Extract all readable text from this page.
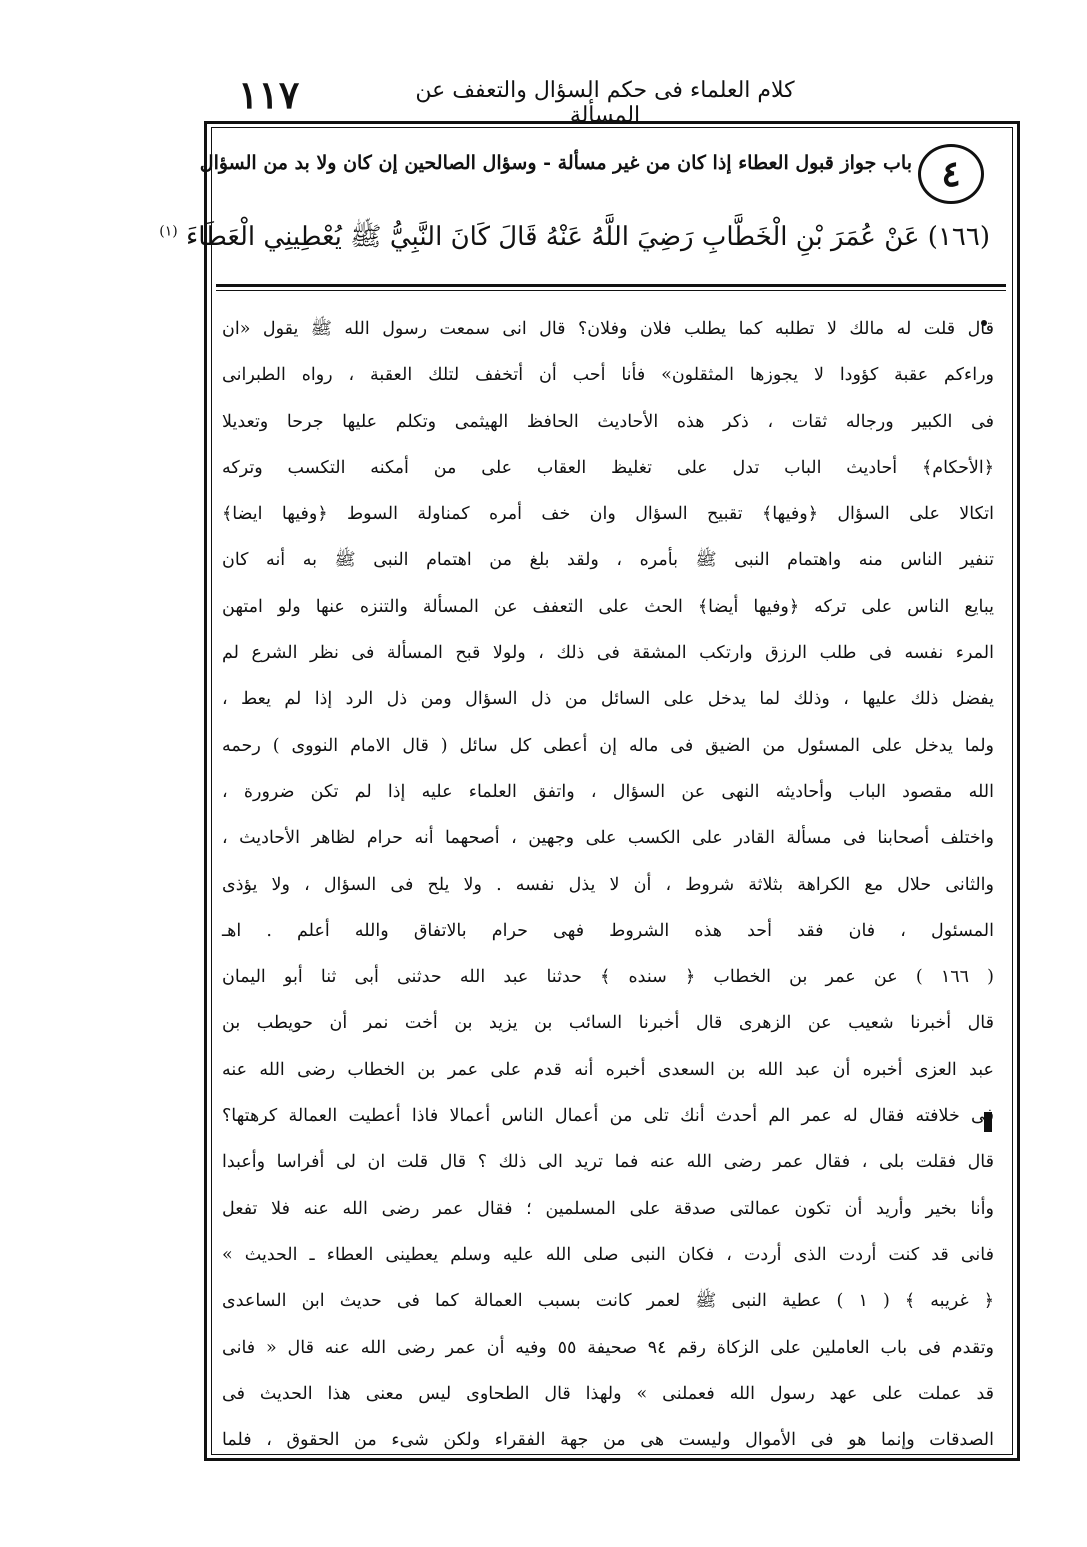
١١٧	كلام العلماء فى حكم السؤال والتعفف عن المسألة
٤
باب جواز قبول العطاء إذا كان من غير مسألة - وسؤال الصالحين إن كان ولا بد من السؤال
(١٦٦) عَنْ عُمَرَ بْنِ الْخَطَّابِ رَضِيَ اللَّهُ عَنْهُ قَالَ كَانَ النَّبِيُّ ﷺ يُعْطِينِي الْعَطَاءَ $^{(١)}$
قال قلت له مالك لا تطلبه كما يطلب فلان وفلان؟ قال انى سمعت رسول الله ﷺ يقول «ان
وراءكم عقبة كؤودا لا يجوزها المثقلون» فأنا أحب أن أتخفف لتلك العقبة ، رواه الطبرانى
فى الكبير ورجاله ثقات ، ذكر هذه الأحاديث الحافظ الهيثمى وتكلم عليها جرحا وتعديلا
﴿الأحكام﴾ أحاديث الباب تدل على تغليظ العقاب على من أمكنه التكسب وتركه
اتكالا على السؤال ﴿وفيها﴾ تقبيح السؤال وان خف أمره كمناولة السوط ﴿وفيها ايضا﴾
تنفير الناس منه واهتمام النبى ﷺ بأمره ، ولقد بلغ من اهتمام النبى ﷺ به أنه كان
يبايع الناس على تركه ﴿وفيها أيضا﴾ الحث على التعفف عن المسألة والتنزه عنها ولو امتهن
المرء نفسه فى طلب الرزق وارتكب المشقة فى ذلك ، ولولا قبح المسألة فى نظر الشرع لم
يفضل ذلك عليها ، وذلك لما يدخل على السائل من ذل السؤال ومن ذل الرد إذا لم يعط ،
ولما يدخل على المسئول من الضيق فى ماله إن أعطى كل سائل ( قال الامام النووى ) رحمه
الله مقصود الباب وأحاديثه النهى عن السؤال ، واتفق العلماء عليه إذا لم تكن ضرورة ،
واختلف أصحابنا فى مسألة القادر على الكسب على وجهين ، أصحهما أنه حرام لظاهر الأحاديث ،
والثانى حلال مع الكراهة بثلاثة شروط ، أن لا يذل نفسه . ولا يلح فى السؤال ، ولا يؤذى
المسئول ، فان فقد أحد هذه الشروط فهى حرام بالاتفاق والله أعلم . اهـ
( ١٦٦ ) عن عمر بن الخطاب ﴿ سنده ﴾ حدثنا عبد الله حدثنى أبى ثنا أبو اليمان
قال أخبرنا شعيب عن الزهرى قال أخبرنا السائب بن يزيد بن أخت نمر أن حويطب بن
عبد العزى أخبره أن عبد الله بن السعدى أخبره أنه قدم على عمر بن الخطاب رضى الله عنه
فى خلافته فقال له عمر الم أحدث أنك تلى من أعمال الناس أعمالا فاذا أعطيت العمالة كرهتها؟
قال فقلت بلى ، فقال عمر رضى الله عنه فما تريد الى ذلك ؟ قال قلت ان لى أفراسا وأعبدا
وأنا بخير وأريد أن تكون عمالتى صدقة على المسلمين ؛ فقال عمر رضى الله عنه فلا تفعل
فانى قد كنت أردت الذى أردت ، فكان النبى صلى الله عليه وسلم يعطينى العطاء ـ الحديث »
﴿ غريبه ﴾ ( ١ ) عطية النبى ﷺ لعمر كانت بسبب العمالة كما فى حديث ابن الساعدى
وتقدم فى باب العاملين على الزكاة رقم ٩٤ صحيفة ٥٥ وفيه أن عمر رضى الله عنه قال « فانى
قد عملت على عهد رسول الله فعملنى » ولهذا قال الطحاوى ليس معنى هذا الحديث فى
الصدقات وإنما هو فى الأموال وليست هى من جهة الفقراء ولكن شىء من الحقوق ، فلما
